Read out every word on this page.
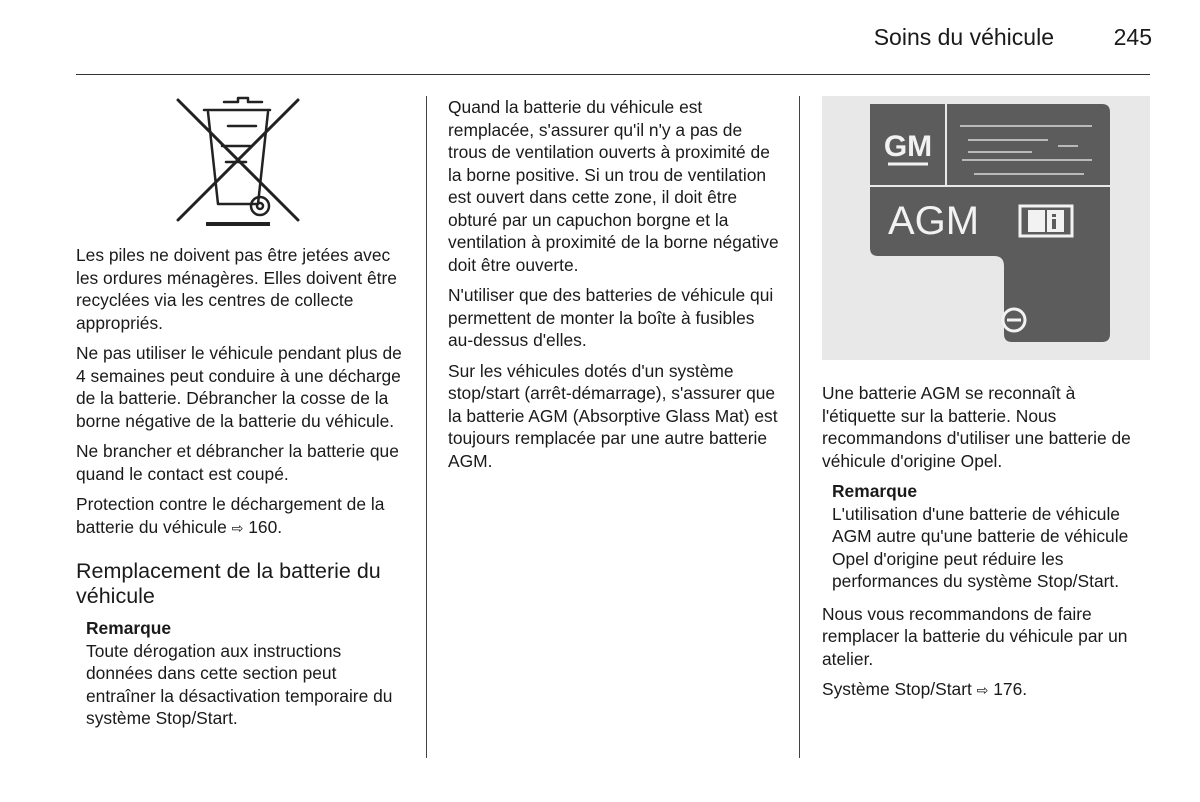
Soins du véhicule	245

Les piles ne doivent pas être jetées avec les ordures ménagères. Elles doivent être recyclées via les centres de collecte appropriés.

Ne pas utiliser le véhicule pendant plus de 4 semaines peut conduire à une décharge de la batterie. Débrancher la cosse de la borne négative de la batterie du véhicule.

Ne brancher et débrancher la batterie que quand le contact est coupé.

Protection contre le déchargement de la batterie du véhicule ⇨ 160.

Remplacement de la batterie du véhicule
Remarque
Toute dérogation aux instructions données dans cette section peut entraîner la désactivation temporaire du système Stop/Start.

Quand la batterie du véhicule est remplacée, s'assurer qu'il n'y a pas de trous de ventilation ouverts à proximité de la borne positive. Si un trou de ventilation est ouvert dans cette zone, il doit être obturé par un capuchon borgne et la ventilation à proximité de la borne négative doit être ouverte.

N'utiliser que des batteries de véhicule qui permettent de monter la boîte à fusibles au-dessus d'elles.

Sur les véhicules dotés d'un système stop/start (arrêt-démarrage), s'assurer que la batterie AGM (Absorptive Glass Mat) est toujours remplacée par une autre batterie AGM.

GM
AGM

Une batterie AGM se reconnaît à l'étiquette sur la batterie. Nous recommandons d'utiliser une batterie de véhicule d'origine Opel.

Remarque
L'utilisation d'une batterie de véhicule AGM autre qu'une batterie de véhicule Opel d'origine peut réduire les performances du système Stop/Start.

Nous vous recommandons de faire remplacer la batterie du véhicule par un atelier.

Système Stop/Start ⇨ 176.
